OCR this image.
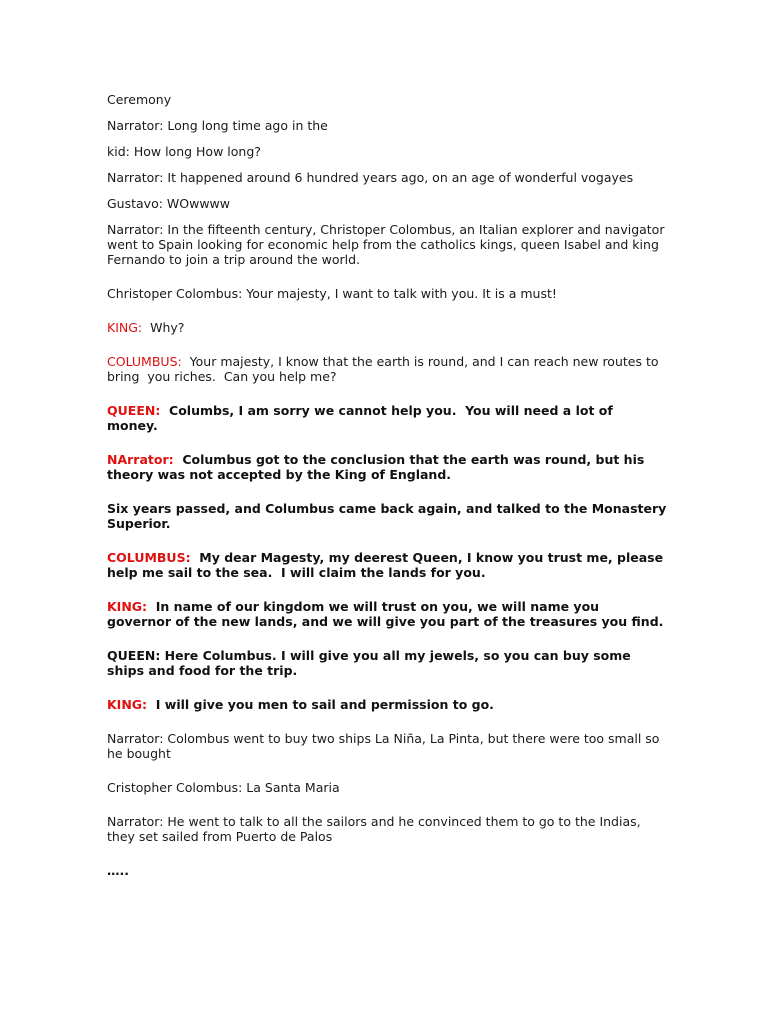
Ceremony

Narrator: Long long time ago in the

kid: How long How long?

Narrator: It happened around 6 hundred years ago, on an age of wonderful vogayes

Gustavo: WOwwww

Narrator: In the fifteenth century, Christoper Colombus, an Italian explorer and navigator went to Spain looking for economic help from the catholics kings, queen Isabel and king Fernando to join a trip around the world.

Christoper Colombus: Your majesty, I want to talk with you. It is a must!

KING:  Why?

COLUMBUS:  Your majesty, I know that the earth is round, and I can reach new routes to bring  you riches.  Can you help me?

QUEEN:  Columbs, I am sorry we cannot help you.  You will need a lot of money.

NArrator:  Columbus got to the conclusion that the earth was round, but his theory was not accepted by the King of England.

Six years passed, and Columbus came back again, and talked to the Monastery Superior.

COLUMBUS:  My dear Magesty, my deerest Queen, I know you trust me, please help me sail to the sea.  I will claim the lands for you.

KING:  In name of our kingdom we will trust on you, we will name you governor of the new lands, and we will give you part of the treasures you find.

QUEEN: Here Columbus. I will give you all my jewels, so you can buy some ships and food for the trip.

KING:  I will give you men to sail and permission to go.

Narrator: Colombus went to buy two ships La Niña, La Pinta, but there were too small so he bought

Cristopher Colombus: La Santa Maria

Narrator: He went to talk to all the sailors and he convinced them to go to the Indias, they set sailed from Puerto de Palos

…..
